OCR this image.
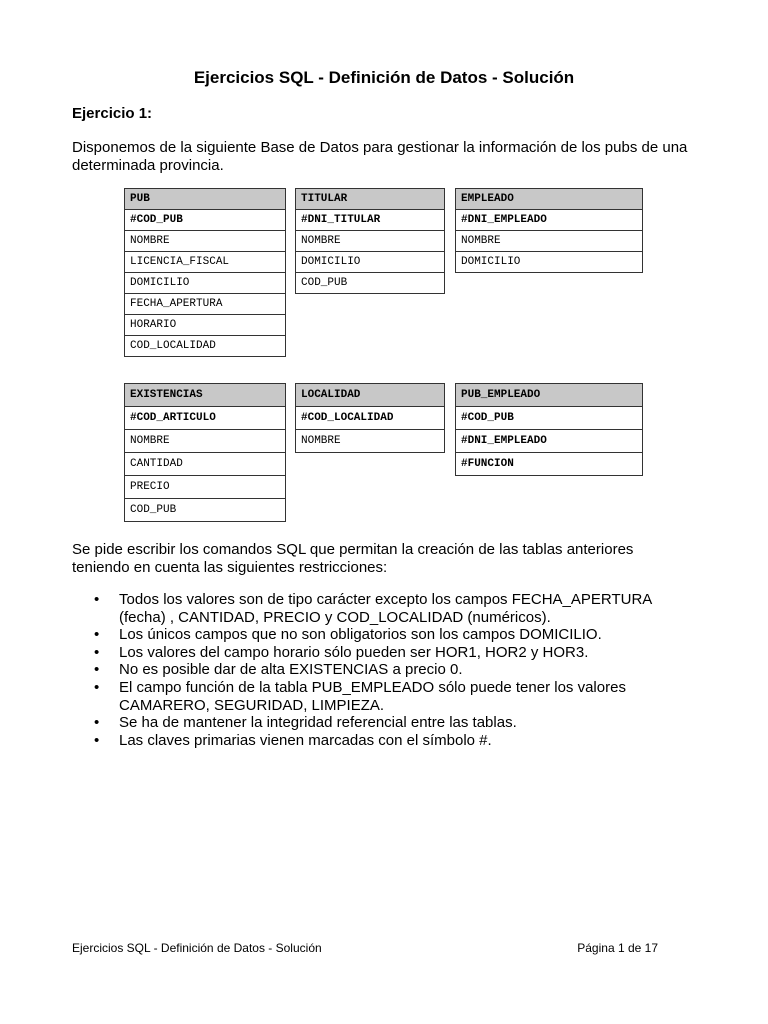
Ejercicios SQL - Definición de Datos - Solución
Ejercicio 1:
Disponemos de la siguiente Base de Datos para gestionar la información de los pubs de una determinada provincia.
PUB
#COD_PUB
NOMBRE
LICENCIA_FISCAL
DOMICILIO
FECHA_APERTURA
HORARIO
COD_LOCALIDAD
TITULAR
#DNI_TITULAR
NOMBRE
DOMICILIO
COD_PUB
EMPLEADO
#DNI_EMPLEADO
NOMBRE
DOMICILIO
EXISTENCIAS
#COD_ARTICULO
NOMBRE
CANTIDAD
PRECIO
COD_PUB
LOCALIDAD
#COD_LOCALIDAD
NOMBRE
PUB_EMPLEADO
#COD_PUB
#DNI_EMPLEADO
#FUNCION
Se pide escribir los comandos SQL que permitan la creación de las tablas anteriores teniendo en cuenta las siguientes restricciones:
• Todos los valores son de tipo carácter excepto los campos FECHA_APERTURA (fecha) , CANTIDAD, PRECIO y COD_LOCALIDAD (numéricos).
• Los únicos campos que no son obligatorios son los campos DOMICILIO.
• Los valores del campo horario sólo pueden ser HOR1, HOR2 y HOR3.
• No es posible dar de alta EXISTENCIAS a precio 0.
• El campo función de la tabla PUB_EMPLEADO sólo puede tener los valores CAMARERO, SEGURIDAD, LIMPIEZA.
• Se ha de mantener la integridad referencial entre las tablas.
• Las claves primarias vienen marcadas con el símbolo #.
Ejercicios SQL - Definición de Datos - Solución	Página 1 de 17
